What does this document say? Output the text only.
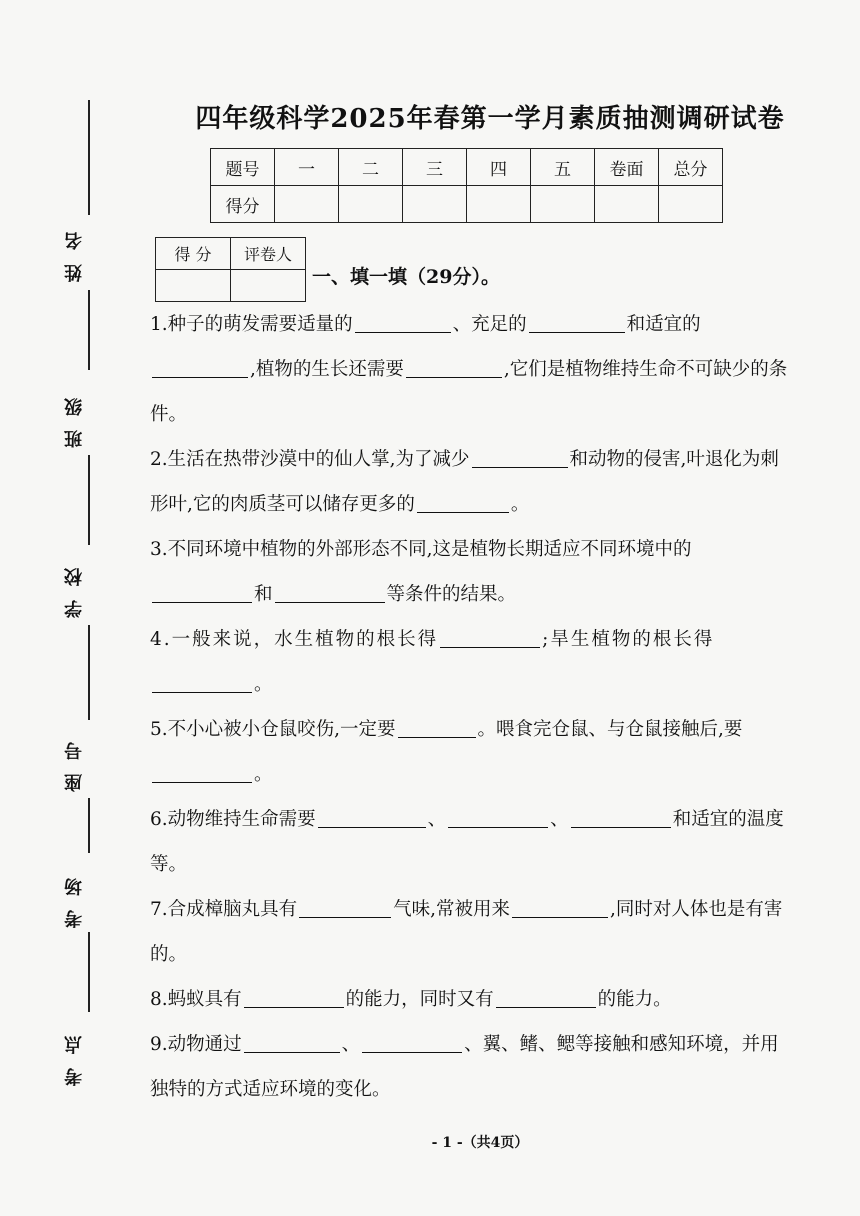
姓名
班级
学校
座号
考场
考点
四年级科学2025年春第一学月素质抽测调研试卷
题号	一	二	三	四	五	卷面	总分
得分							
得 分	评卷人

一、填一填（29分）。

1.种子的萌发需要适量的	、充足的	和适宜的,植物的生长还需要	,它们是植物维持生命不可缺少的条件。

2.生活在热带沙漠中的仙人掌,为了减少	和动物的侵害,叶退化为刺形叶,它的肉质茎可以储存更多的	。

3.不同环境中植物的外部形态不同,这是植物长期适应不同环境中的和	等条件的结果。

4.一般来说，水生植物的根长得	;旱生植物的根长得。

5.不小心被小仓鼠咬伤,一定要	。喂食完仓鼠、与仓鼠接触后,要。

6.动物维持生命需要	、	、	和适宜的温度等。

7.合成樟脑丸具有	气味,常被用来	,同时对人体也是有害的。

8.蚂蚁具有	的能力，同时又有	的能力。

9.动物通过	、	、翼、鳍、鳃等接触和感知环境，并用独特的方式适应环境的变化。

- 1 -（共4页）
